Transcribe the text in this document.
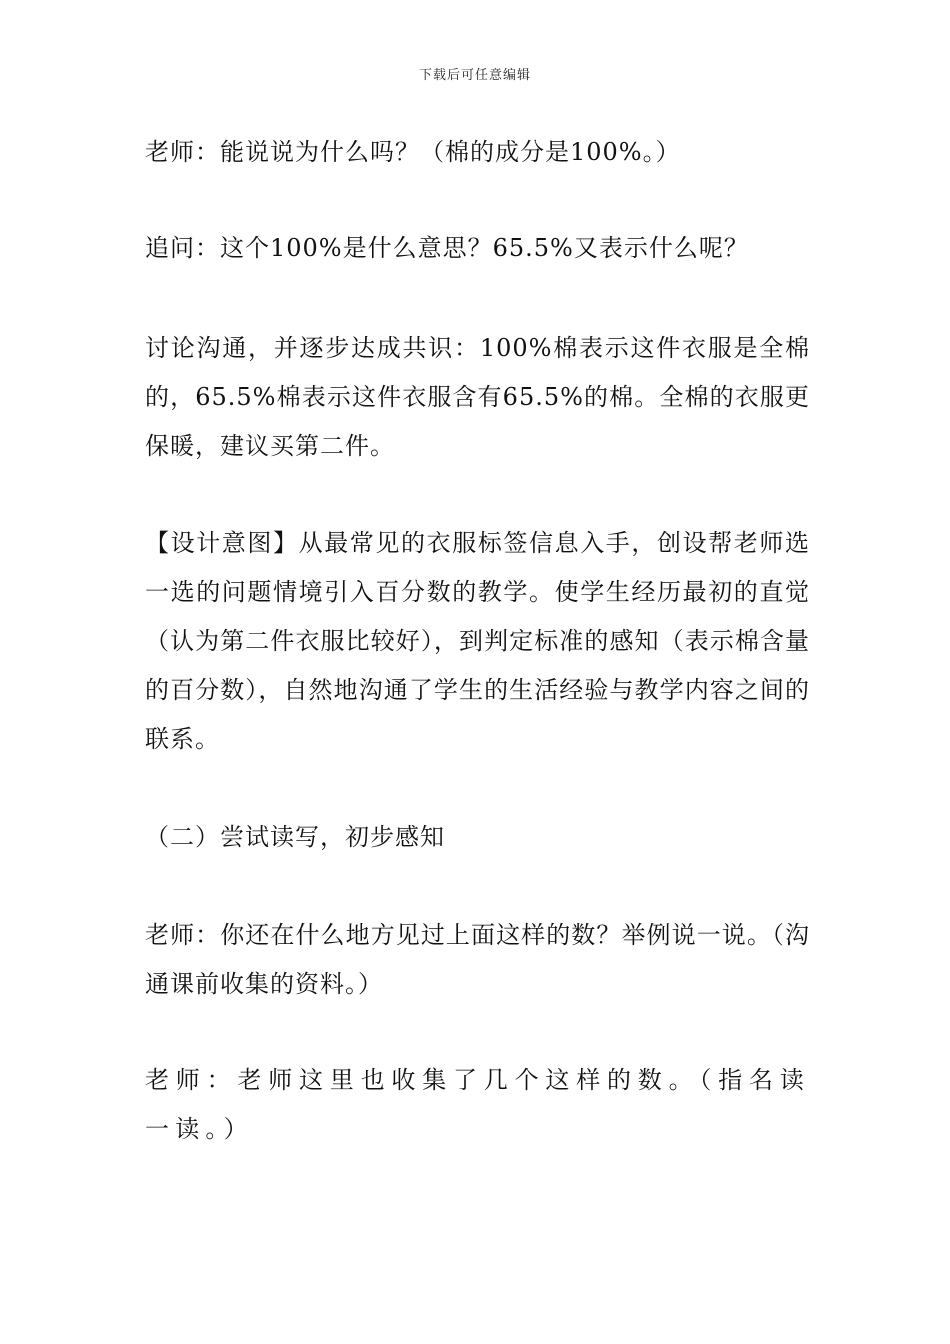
下载后可任意编辑

老师：能说说为什么吗？（棉的成分是100%。）

追问：这个100%是什么意思？65.5%又表示什么呢？

讨论沟通，并逐步达成共识：100%棉表示这件衣服是全棉的，65.5%棉表示这件衣服含有65.5%的棉。全棉的衣服更保暖，建议买第二件。

【设计意图】从最常见的衣服标签信息入手，创设帮老师选一选的问题情境引入百分数的教学。使学生经历最初的直觉（认为第二件衣服比较好），到判定标准的感知（表示棉含量的百分数），自然地沟通了学生的生活经验与教学内容之间的联系。

（二）尝试读写，初步感知

老师：你还在什么地方见过上面这样的数？举例说一说。（沟通课前收集的资料。）

老师：老师这里也收集了几个这样的数。（指名读一读。）
